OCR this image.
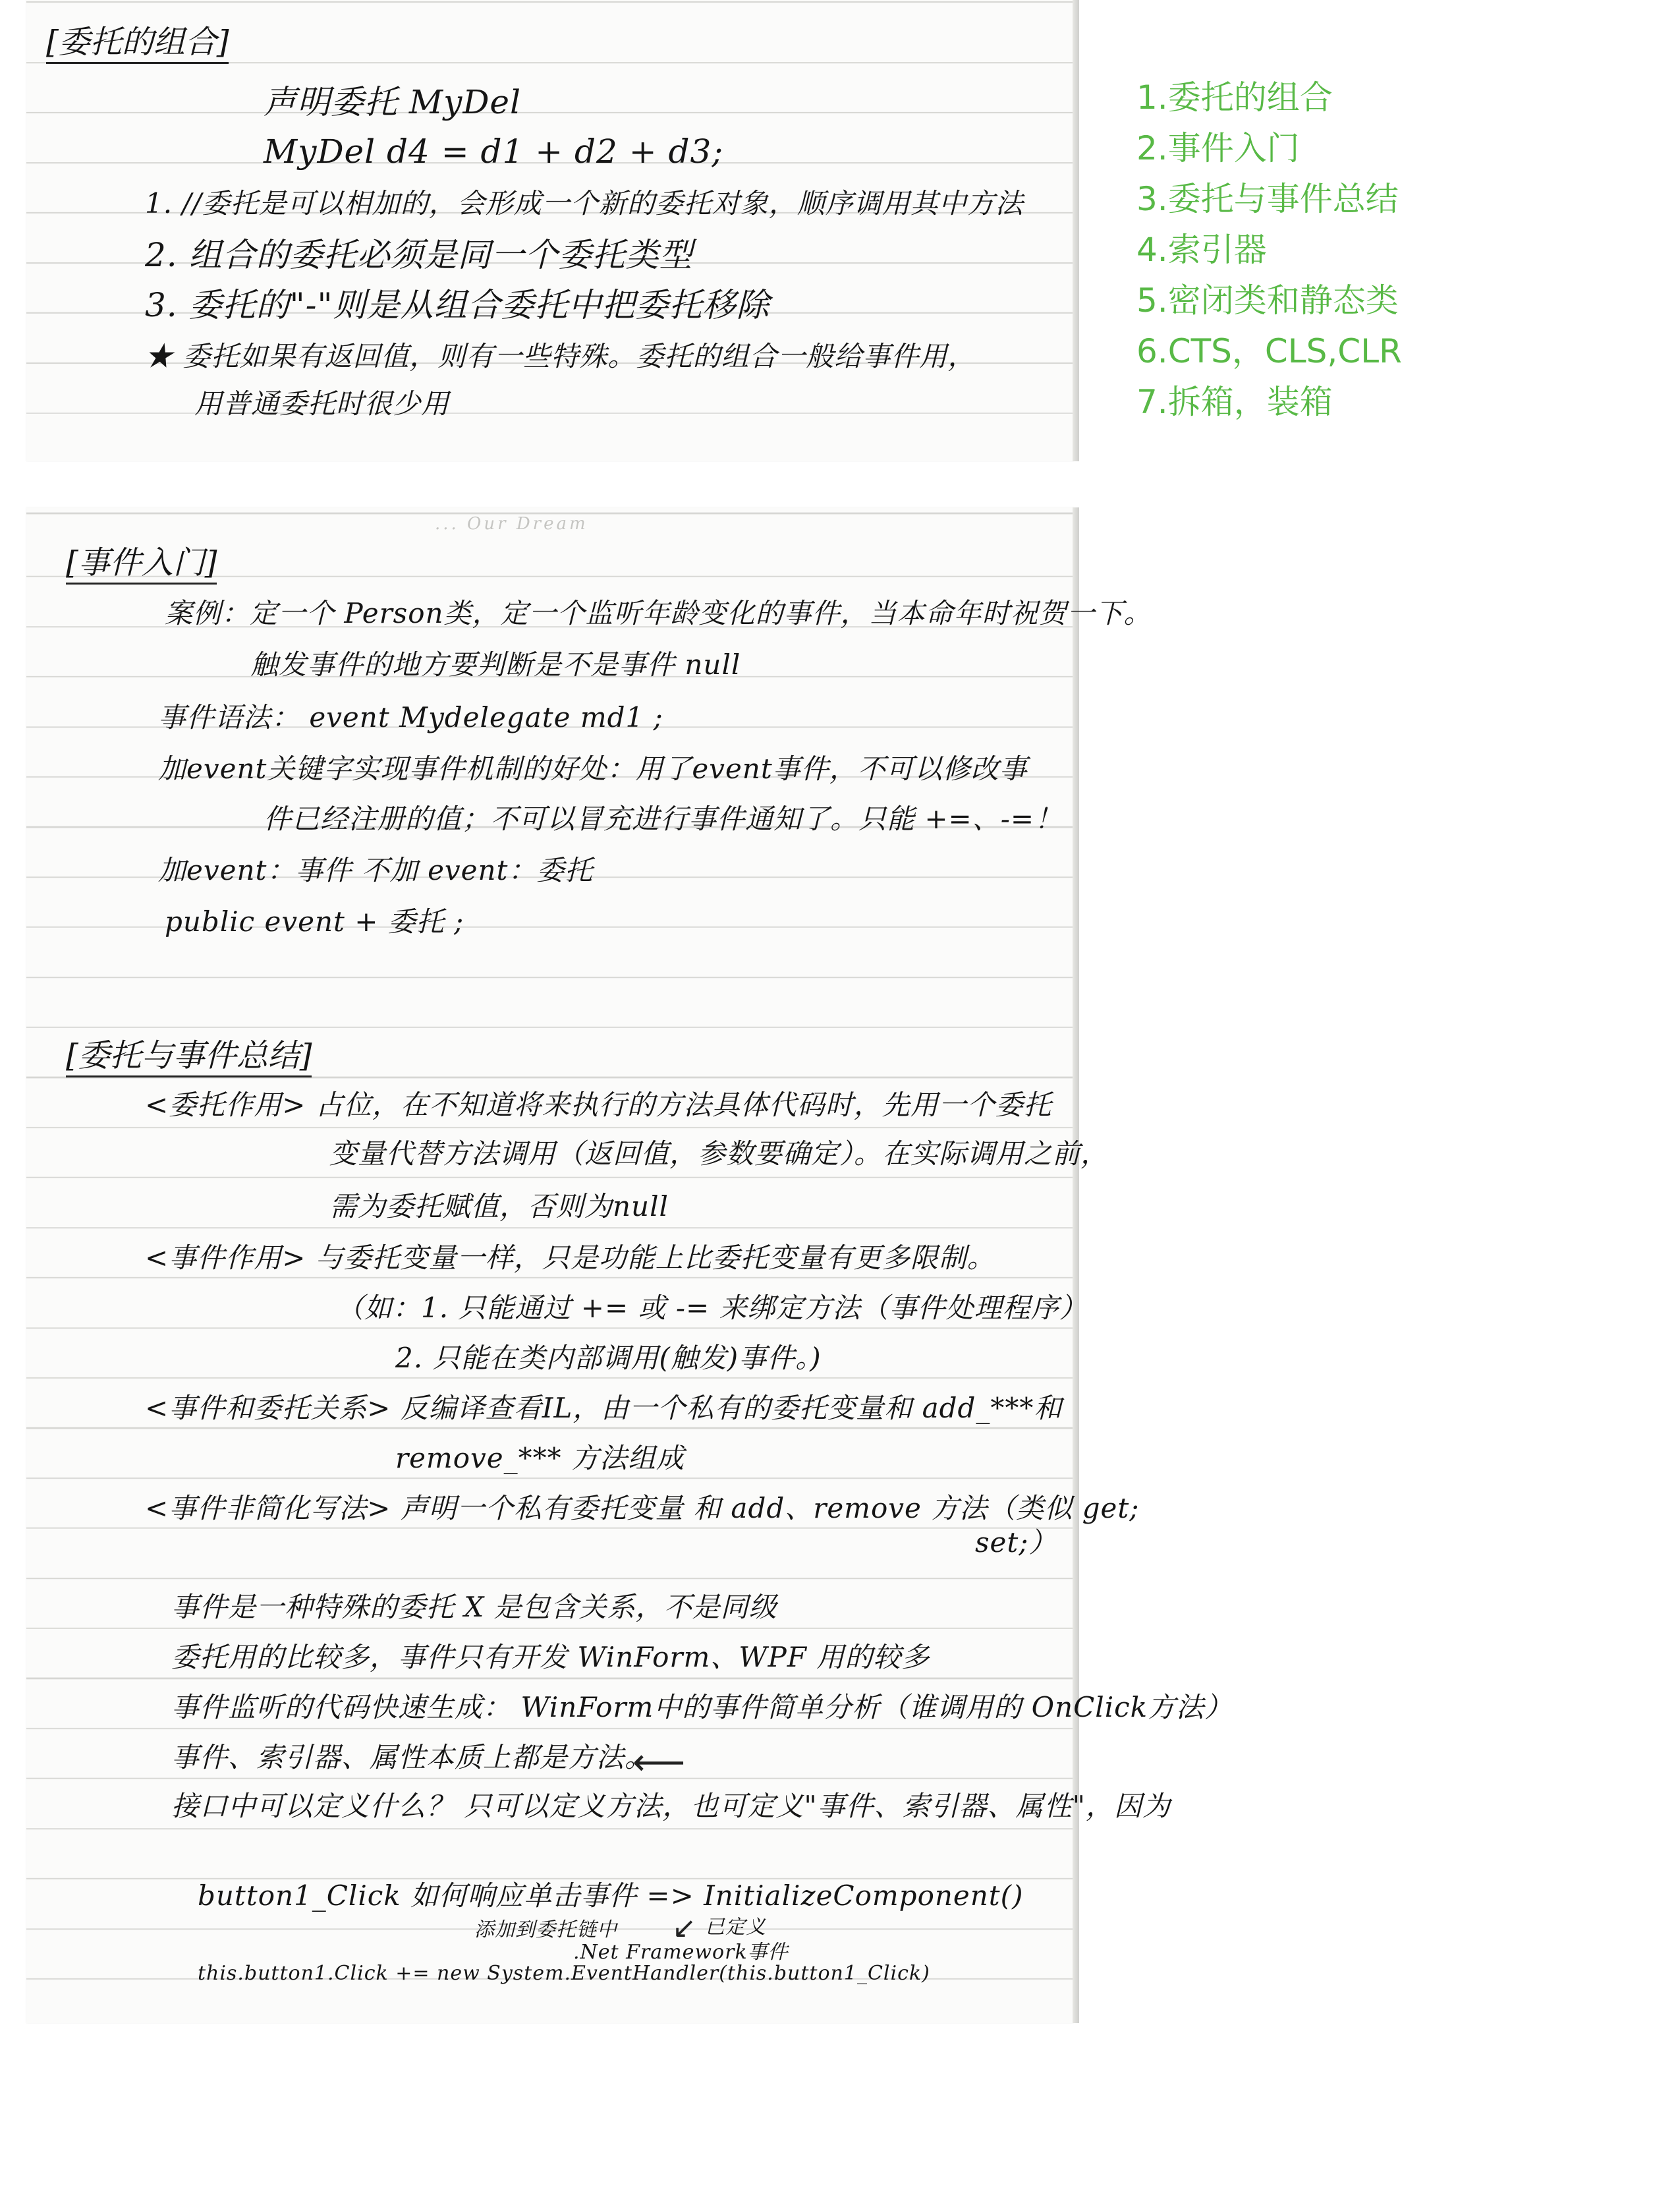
[委托的组合]
声明委托 MyDel
MyDel d4 = d1 + d2 + d3;
1. //委托是可以相加的，会形成一个新的委托对象，顺序调用其中方法
2. 组合的委托必须是同一个委托类型
3. 委托的"-"则是从组合委托中把委托移除
★ 委托如果有返回值，则有一些特殊。委托的组合一般给事件用，
用普通委托时很少用
... Our Dream
[事件入门]
案例：定一个 Person类，定一个监听年龄变化的事件，当本命年时祝贺一下。
触发事件的地方要判断是不是事件 null
事件语法： event Mydelegate md1 ;
加event关键字实现事件机制的好处：用了event事件，不可以修改事
件已经注册的值；不可以冒充进行事件通知了。只能 +=、-=！
加event：事件 不加 event：委托
public event + 委托 ;
[委托与事件总结]
<委托作用> 占位，在不知道将来执行的方法具体代码时，先用一个委托
变量代替方法调用（返回值，参数要确定）。在实际调用之前，
需为委托赋值，否则为null
<事件作用> 与委托变量一样，只是功能上比委托变量有更多限制。
（如：1. 只能通过 += 或 -= 来绑定方法（事件处理程序）
2. 只能在类内部调用(触发)事件。)
<事件和委托关系> 反编译查看IL，由一个私有的委托变量和 add_***和
remove_*** 方法组成
<事件非简化写法> 声明一个私有委托变量 和 add、remove 方法（类似 get;
set;）
事件是一种特殊的委托 X 是包含关系，不是同级
委托用的比较多，事件只有开发 WinForm、WPF 用的较多
事件监听的代码快速生成： WinForm中的事件简单分析（谁调用的 OnClick方法）
事件、索引器、属性本质上都是方法。
⟵
接口中可以定义什么？ 只可以定义方法，也可定义"事件、索引器、属性"，因为
button1_Click 如何响应单击事件 => InitializeComponent()
添加到委托链中
.Net Framework事件
↙ 已定义
this.button1.Click += new System.EventHandler(this.button1_Click)
1.委托的组合
2.事件入门
3.委托与事件总结
4.索引器
5.密闭类和静态类
6.CTS，CLS,CLR
7.拆箱，装箱
